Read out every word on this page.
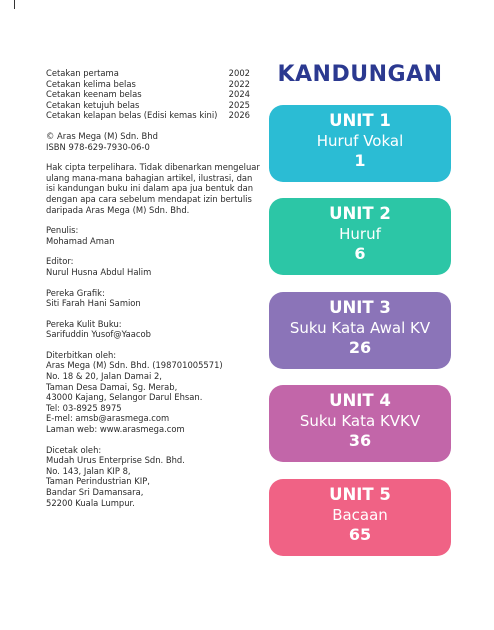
Cetakan pertama	2002
Cetakan kelima belas	2022
Cetakan keenam belas	2024
Cetakan ketujuh belas	2025
Cetakan kelapan belas (Edisi kemas kini) 2026
© Aras Mega (M) Sdn. Bhd
ISBN 978-629-7930-06-0
Hak cipta terpelihara. Tidak dibenarkan mengeluar
ulang mana-mana bahagian artikel, ilustrasi, dan
isi kandungan buku ini dalam apa jua bentuk dan
dengan apa cara sebelum mendapat izin bertulis
daripada Aras Mega (M) Sdn. Bhd.
Penulis:
Mohamad Aman
Editor:
Nurul Husna Abdul Halim
Pereka Grafik:
Siti Farah Hani Samion
Pereka Kulit Buku:
Sarifuddin Yusof@Yaacob
Diterbitkan oleh:
Aras Mega (M) Sdn. Bhd. (198701005571)
No. 18 & 20, Jalan Damai 2,
Taman Desa Damai, Sg. Merab,
43000 Kajang, Selangor Darul Ehsan.
Tel: 03-8925 8975
E-mel: amsb@arasmega.com
Laman web: www.arasmega.com
Dicetak oleh:
Mudah Urus Enterprise Sdn. Bhd.
No. 143, Jalan KIP 8,
Taman Perindustrian KIP,
Bandar Sri Damansara,
52200 Kuala Lumpur.
KANDUNGAN
UNIT 1
Huruf Vokal
1
UNIT 2
Huruf
6
UNIT 3
Suku Kata Awal KV
26
UNIT 4
Suku Kata KVKV
36
UNIT 5
Bacaan
65
